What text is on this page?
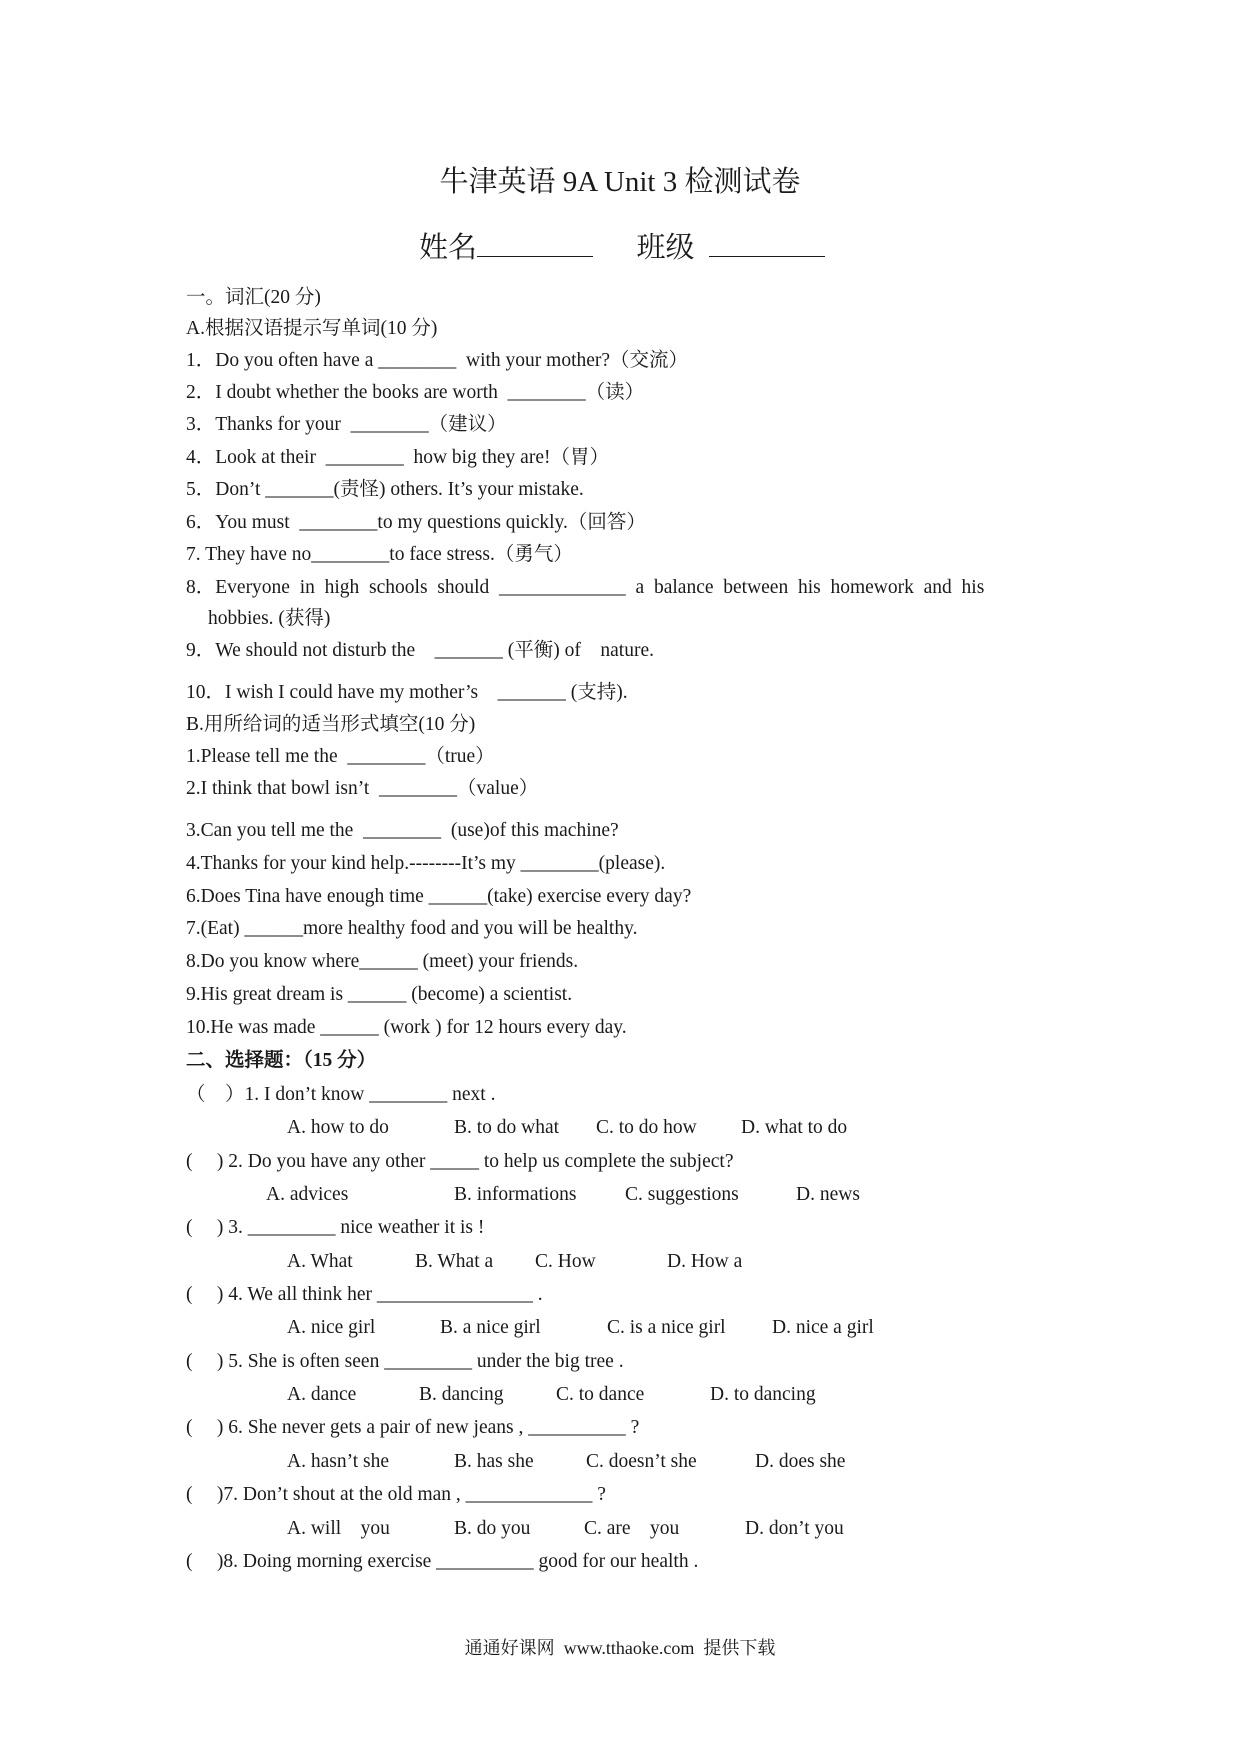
牛津英语 9A Unit 3 检测试卷
姓名	班级
一。词汇(20 分)
A.根据汉语提示写单词(10 分)
1．Do you often have a ________  with your mother?（交流）
2．I doubt whether the books are worth  ________（读）
3．Thanks for your  ________（建议）
4．Look at their  ________  how big they are!（胃）
5．Don’t _______(责怪) others. It’s your mistake.
6．You must  ________to my questions quickly.（回答）
7. They have no________to face stress.（勇气）
8．Everyone  in  high  schools  should  _____________  a  balance  between  his  homework  and  his
hobbies. (获得)
9．We should not disturb the    _______ (平衡) of    nature.
10．I wish I could have my mother’s    _______ (支持).
B.用所给词的适当形式填空(10 分)
1.Please tell me the  ________（true）
2.I think that bowl isn’t  ________（value）
3.Can you tell me the  ________  (use)of this machine?
4.Thanks for your kind help.--------It’s my ________(please).
6.Does Tina have enough time ______(take) exercise every day?
7.(Eat) ______more healthy food and you will be healthy.
8.Do you know where______ (meet) your friends.
9.His great dream is ______ (become) a scientist.
10.He was made ______ (work ) for 12 hours every day.
二、选择题：（15 分）
（    ）1. I don’t know ________ next .
A. how to do	B. to do what C. to do how D. what to do
(     ) 2. Do you have any other _____ to help us complete the subject?
A. advices	B. informations C. suggestions	D. news
(     ) 3. _________ nice weather it is !
A. What	B. What a C. How	D. How a
(     ) 4. We all think her ________________ .
A. nice girl	B. a nice girl	C. is a nice girl D. nice a girl
(     ) 5. She is often seen _________ under the big tree .
A. dance	B. dancing	C. to dance	D. to dancing
(     ) 6. She never gets a pair of new jeans , __________ ?
A. hasn’t she	B. has she	C. doesn’t she	D. does she
(     )7. Don’t shout at the old man , _____________ ?
A. will    you	B. do you	C. are    you	D. don’t you
(     )8. Doing morning exercise __________ good for our health .
通通好课网  www.tthaoke.com  提供下载
